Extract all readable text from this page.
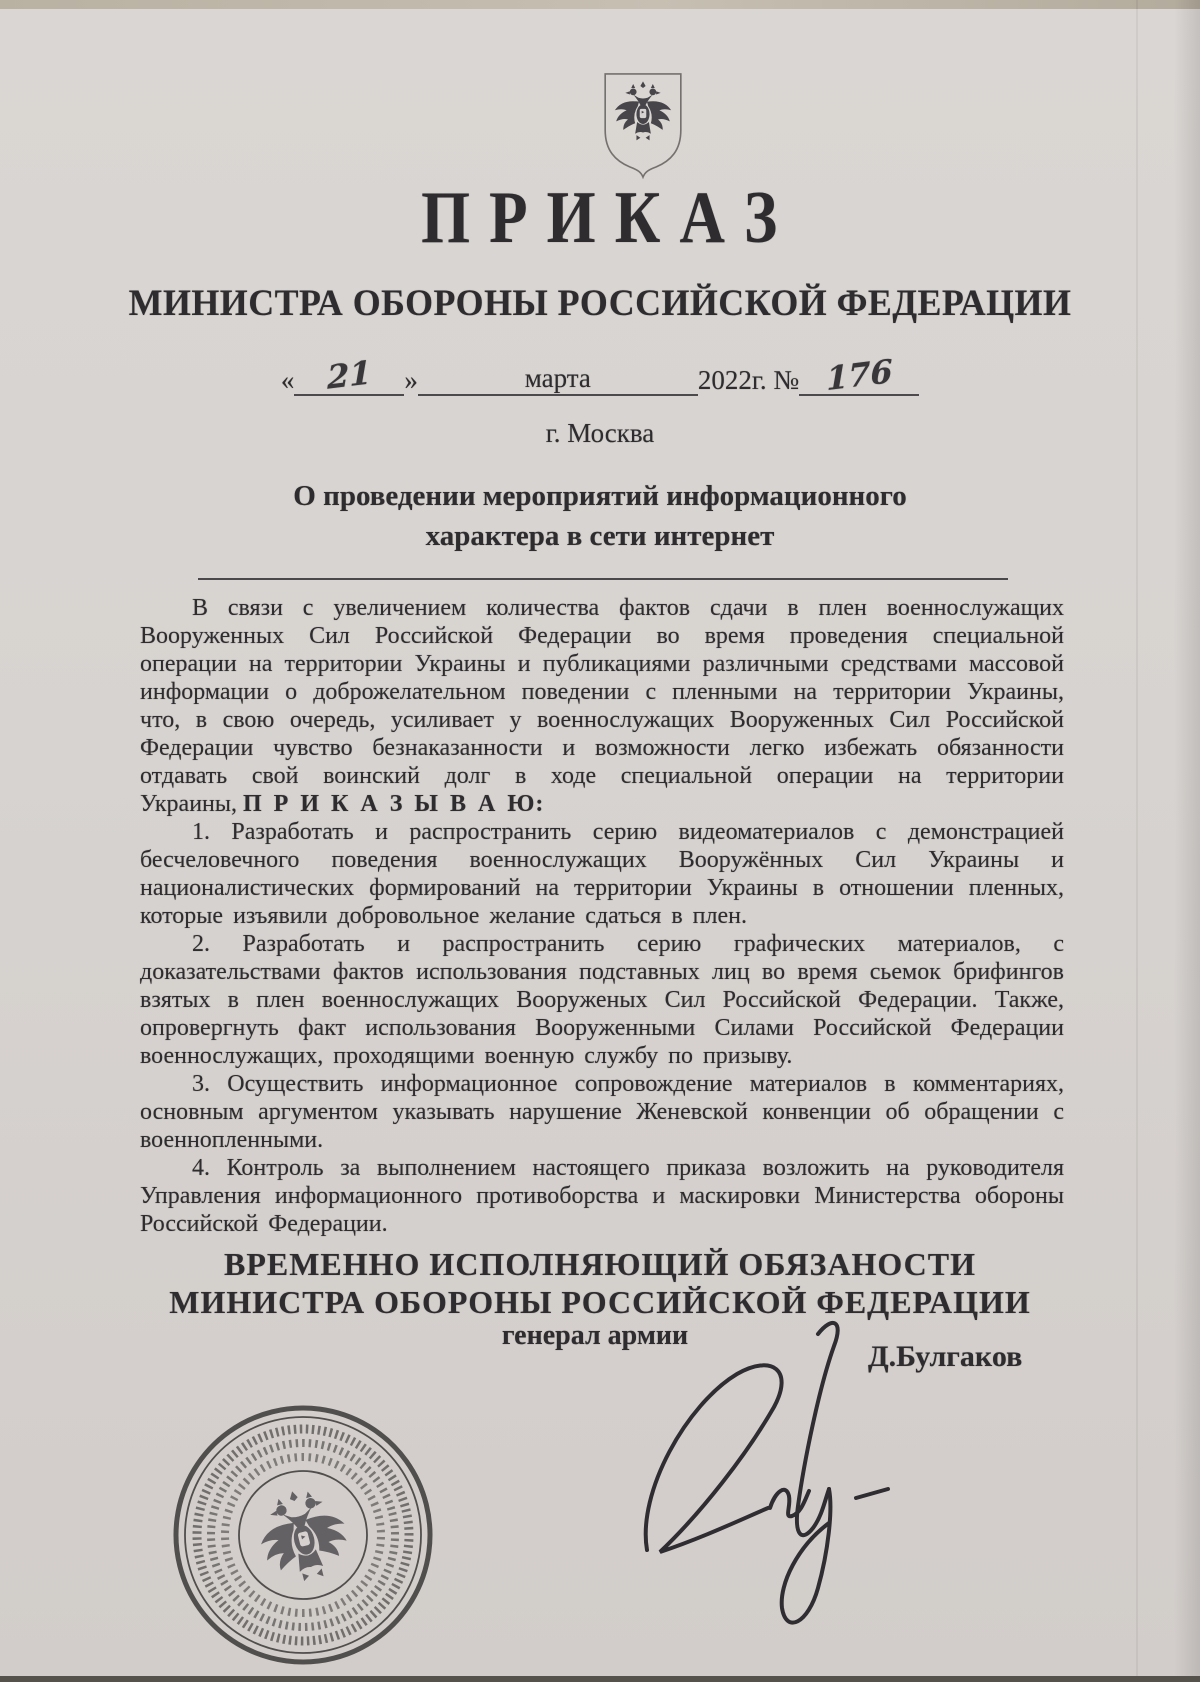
П Р И К А З
МИНИСТРА ОБОРОНЫ РОССИЙСКОЙ ФЕДЕРАЦИИ
«	21	»	марта	2022г.
№ 176
г. Москва
О проведении мероприятий информационного
характера в сети интернет

В связи с увеличением количества фактов сдачи в плен военнослужащих Вооруженных Сил Российской Федерации во время проведения специальной операции на территории Украины и публикациями различными средствами массовой информации о доброжелательном поведении с пленными на территории Украины, что, в свою очередь, усиливает у военнослужащих Вооруженных Сил Российской Федерации чувство безнаказанности и возможности легко избежать обязанности отдавать свой воинский долг в ходе специальной операции на территории Украины, П Р И К А З Ы В А Ю:

1. Разработать и распространить серию видеоматериалов с демонстрацией бесчеловечного поведения военнослужащих Вооружённых Сил Украины и националистических формирований на территории Украины в отношении пленных, которые изъявили добровольное желание сдаться в плен.

2. Разработать и распространить серию графических материалов, с доказательствами фактов использования подставных лиц во время сьемок брифингов взятых в плен военнослужащих Вооруженых Сил Российской Федерации. Также, опровергнуть факт использования Вооруженными Силами Российской Федерации военнослужащих, проходящими военную службу по призыву.

3. Осуществить информационное сопровождение материалов в комментариях, основным аргументом указывать нарушение Женевской конвенции об обращении с военнопленными.

4. Контроль за выполнением настоящего приказа возложить на руководителя Управления информационного противоборства и маскировки Министерства обороны Российской Федерации.

ВРЕМЕННО ИСПОЛНЯЮЩИЙ ОБЯЗАНОСТИ
МИНИСТРА ОБОРОНЫ РОССИЙСКОЙ ФЕДЕРАЦИИ
генерал армии
Д.Булгаков
